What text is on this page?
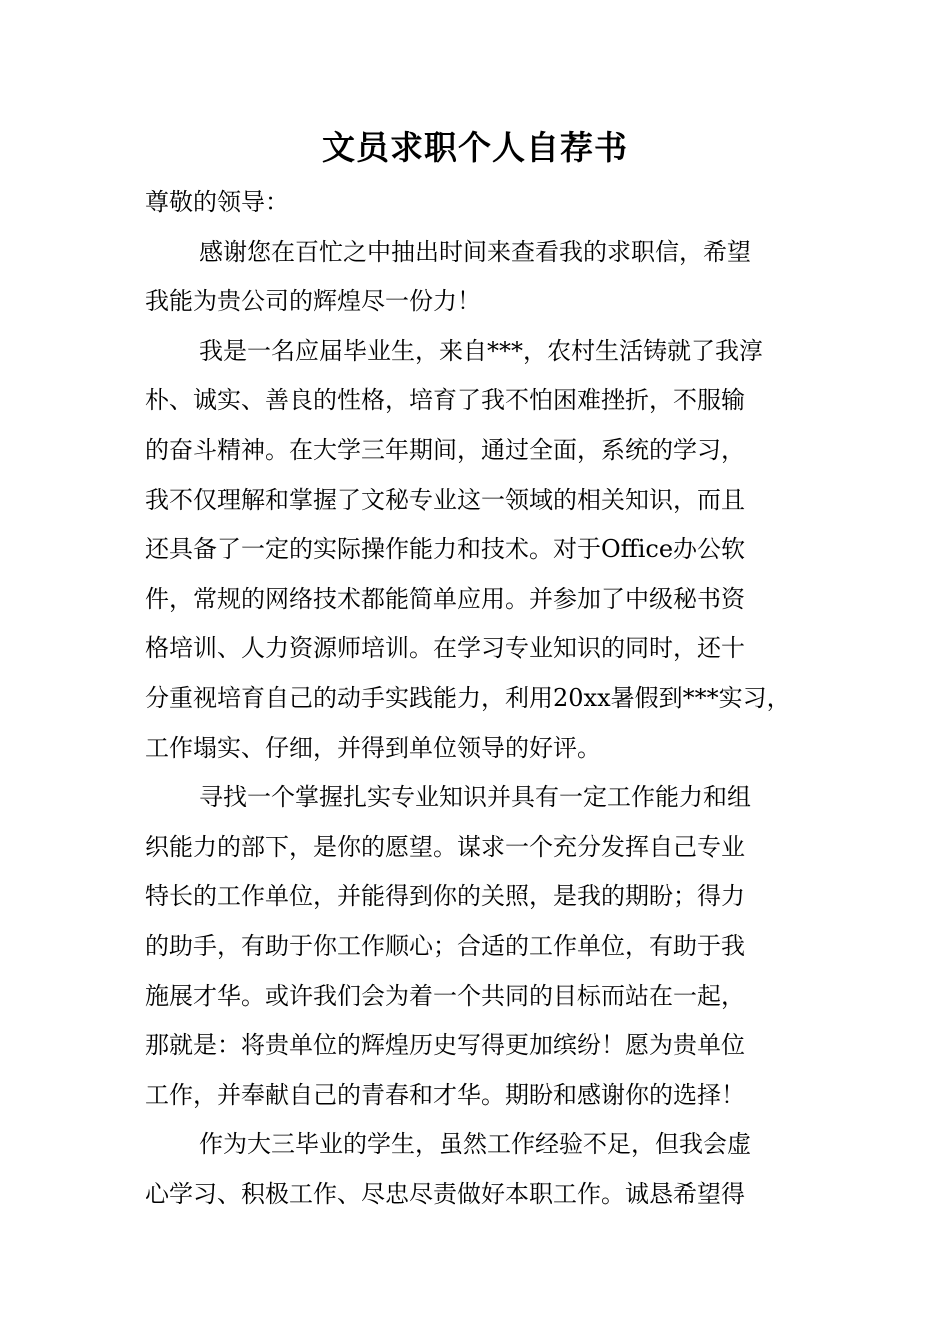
文员求职个人自荐书
尊敬的领导：
感谢您在百忙之中抽出时间来查看我的求职信，希望
我能为贵公司的辉煌尽一份力！
我是一名应届毕业生，来自***，农村生活铸就了我淳
朴、诚实、善良的性格，培育了我不怕困难挫折，不服输
的奋斗精神。在大学三年期间，通过全面，系统的学习，
我不仅理解和掌握了文秘专业这一领域的相关知识，而且
还具备了一定的实际操作能力和技术。对于Office办公软
件，常规的网络技术都能简单应用。并参加了中级秘书资
格培训、人力资源师培训。在学习专业知识的同时，还十
分重视培育自己的动手实践能力，利用20xx暑假到***实习，
工作塌实、仔细，并得到单位领导的好评。
寻找一个掌握扎实专业知识并具有一定工作能力和组
织能力的部下，是你的愿望。谋求一个充分发挥自己专业
特长的工作单位，并能得到你的关照，是我的期盼；得力
的助手，有助于你工作顺心；合适的工作单位，有助于我
施展才华。或许我们会为着一个共同的目标而站在一起，
那就是：将贵单位的辉煌历史写得更加缤纷！愿为贵单位
工作，并奉献自己的青春和才华。期盼和感谢你的选择！
作为大三毕业的学生，虽然工作经验不足，但我会虚
心学习、积极工作、尽忠尽责做好本职工作。诚恳希望得
